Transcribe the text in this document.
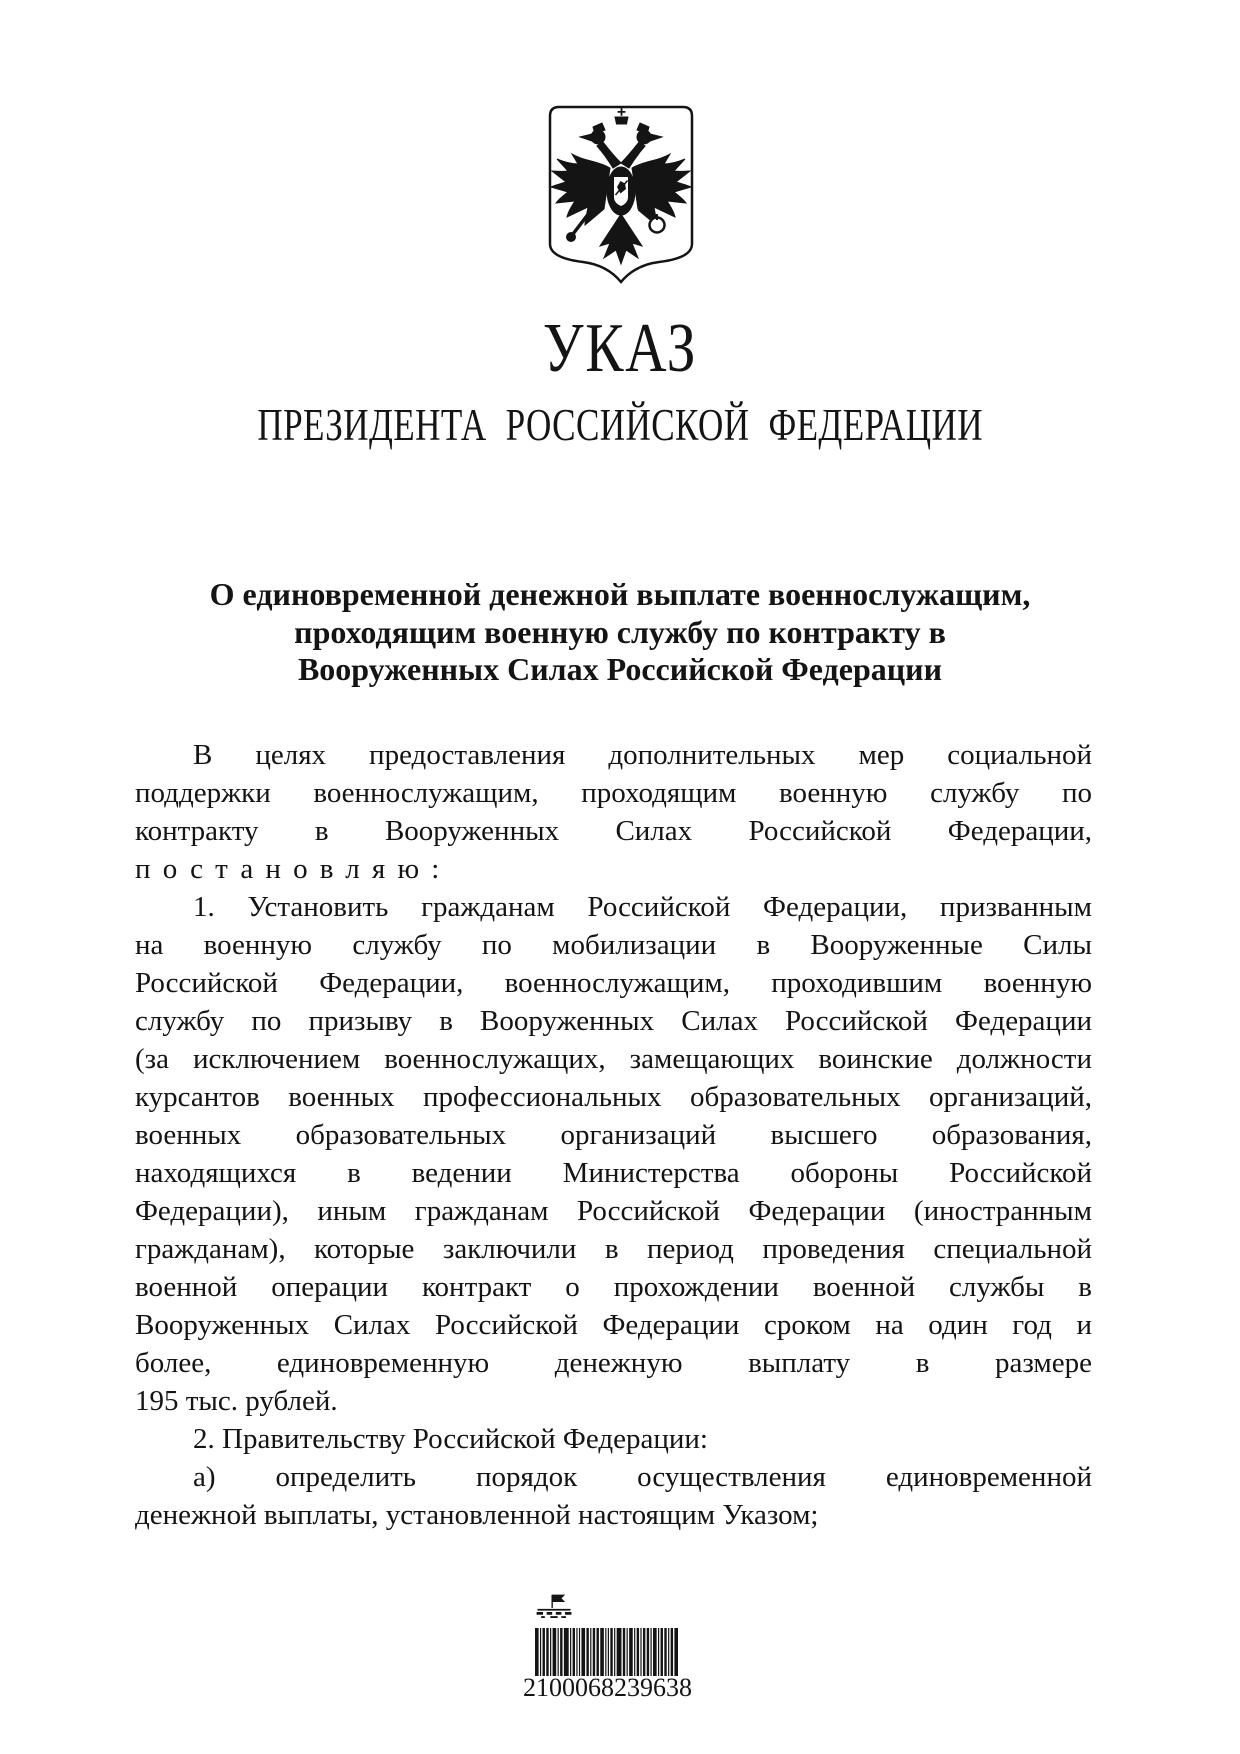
УКАЗ
ПРЕЗИДЕНТА РОССИЙСКОЙ ФЕДЕРАЦИИ
О единовременной денежной выплате военнослужащим,
проходящим военную службу по контракту в
Вооруженных Силах Российской Федерации
В целях предоставления дополнительных мер социальной
поддержки военнослужащим, проходящим военную службу по
контракту в Вооруженных Силах Российской Федерации,
постановляю:
1. Установить гражданам Российской Федерации, призванным
на военную службу по мобилизации в Вооруженные Силы
Российской Федерации, военнослужащим, проходившим военную
службу по призыву в Вооруженных Силах Российской Федерации
(за исключением военнослужащих, замещающих воинские должности
курсантов военных профессиональных образовательных организаций,
военных образовательных организаций высшего образования,
находящихся в ведении Министерства обороны Российской
Федерации), иным гражданам Российской Федерации (иностранным
гражданам), которые заключили в период проведения специальной
военной операции контракт о прохождении военной службы в
Вооруженных Силах Российской Федерации сроком на один год и
более, единовременную денежную выплату в размере
195 тыс. рублей.
2. Правительству Российской Федерации:
а) определить порядок осуществления единовременной
денежной выплаты, установленной настоящим Указом;
2 100068 23963 8
